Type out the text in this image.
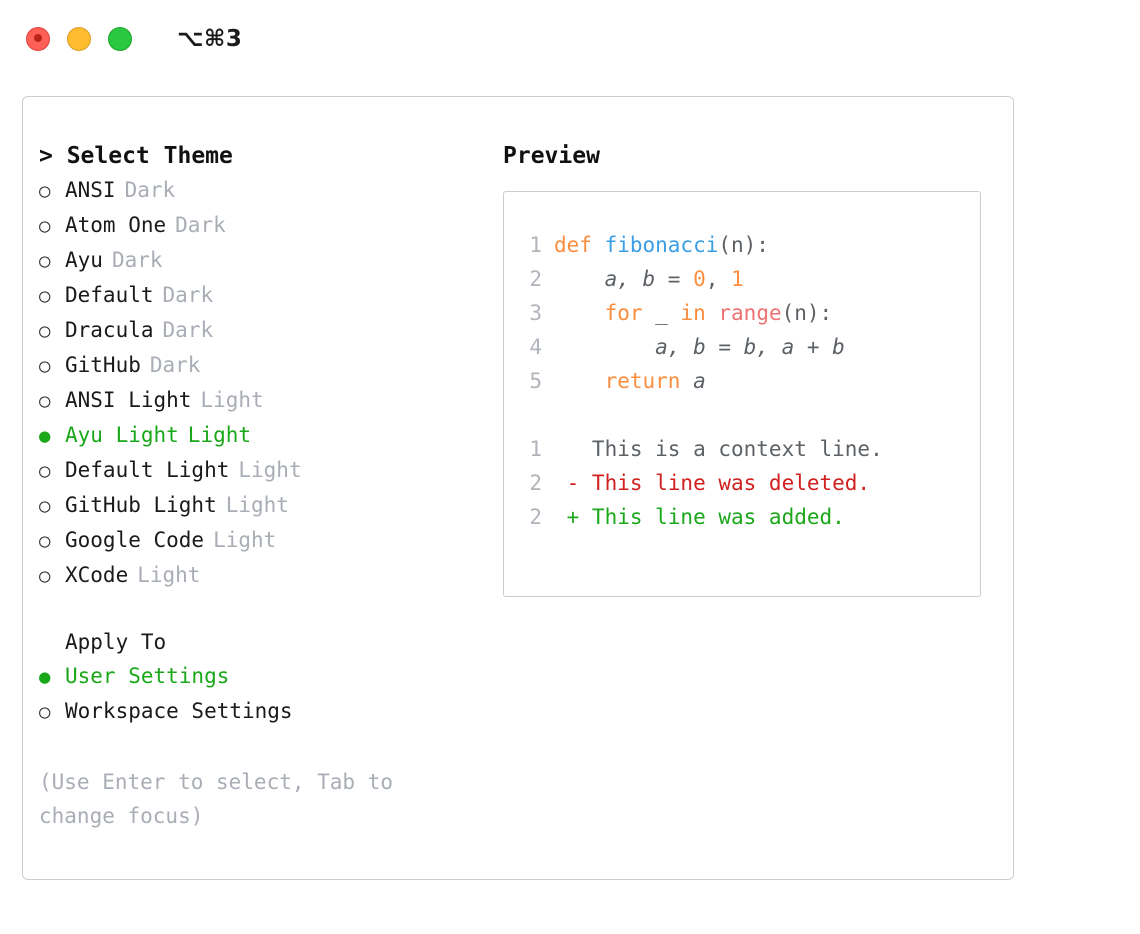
⌥⌘3
> Select Theme
○ ANSI Dark
○ Atom One Dark
○ Ayu Dark
○ Default Dark
○ Dracula Dark
○ GitHub Dark
○ ANSI Light Light
● Ayu Light Light
○ Default Light Light
○ GitHub Light Light
○ Google Code Light
○ XCode Light
Apply To
● User Settings
○ Workspace Settings
(Use Enter to select, Tab to change focus)
Preview
1 def fibonacci(n):
2    a, b = 0, 1
3	for _ in range(n):
4        a, b = b, a + b
5	return a
1   This is a context line.
2 - This line was deleted.
2 + This line was added.
